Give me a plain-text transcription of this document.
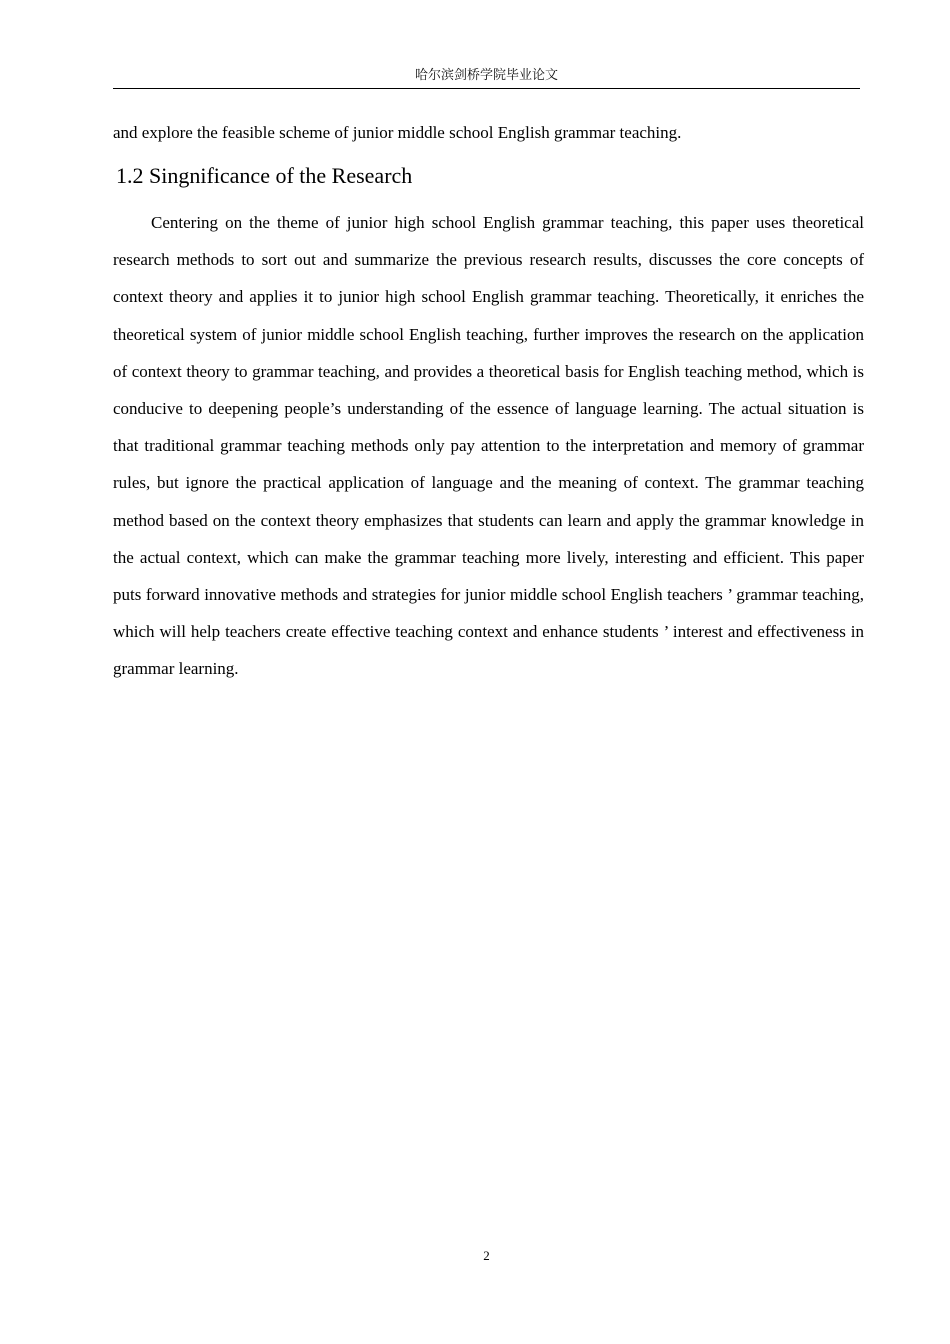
哈尔滨剑桥学院毕业论文
and explore the feasible scheme of junior middle school English grammar teaching.
1.2 Singnificance of the Research

Centering on the theme of junior high school English grammar teaching, this paper uses theoretical research methods to sort out and summarize the previous research results, discusses the core concepts of context theory and applies it to junior high school English grammar teaching. Theoretically, it enriches the theoretical system of junior middle school English teaching, further improves the research on the application of context theory to grammar teaching, and provides a theoretical basis for English teaching method, which is conducive to deepening people’s understanding of the essence of language learning. The actual situation is that traditional grammar teaching methods only pay attention to the interpretation and memory of grammar rules, but ignore the practical application of language and the meaning of context. The grammar teaching method based on the context theory emphasizes that students can learn and apply the grammar knowledge in the actual context, which can make the grammar teaching more lively, interesting and efficient. This paper puts forward innovative methods and strategies for junior middle school English teachers ’ grammar teaching, which will help teachers create effective teaching context and enhance students ’ interest and effectiveness in grammar learning.

2
